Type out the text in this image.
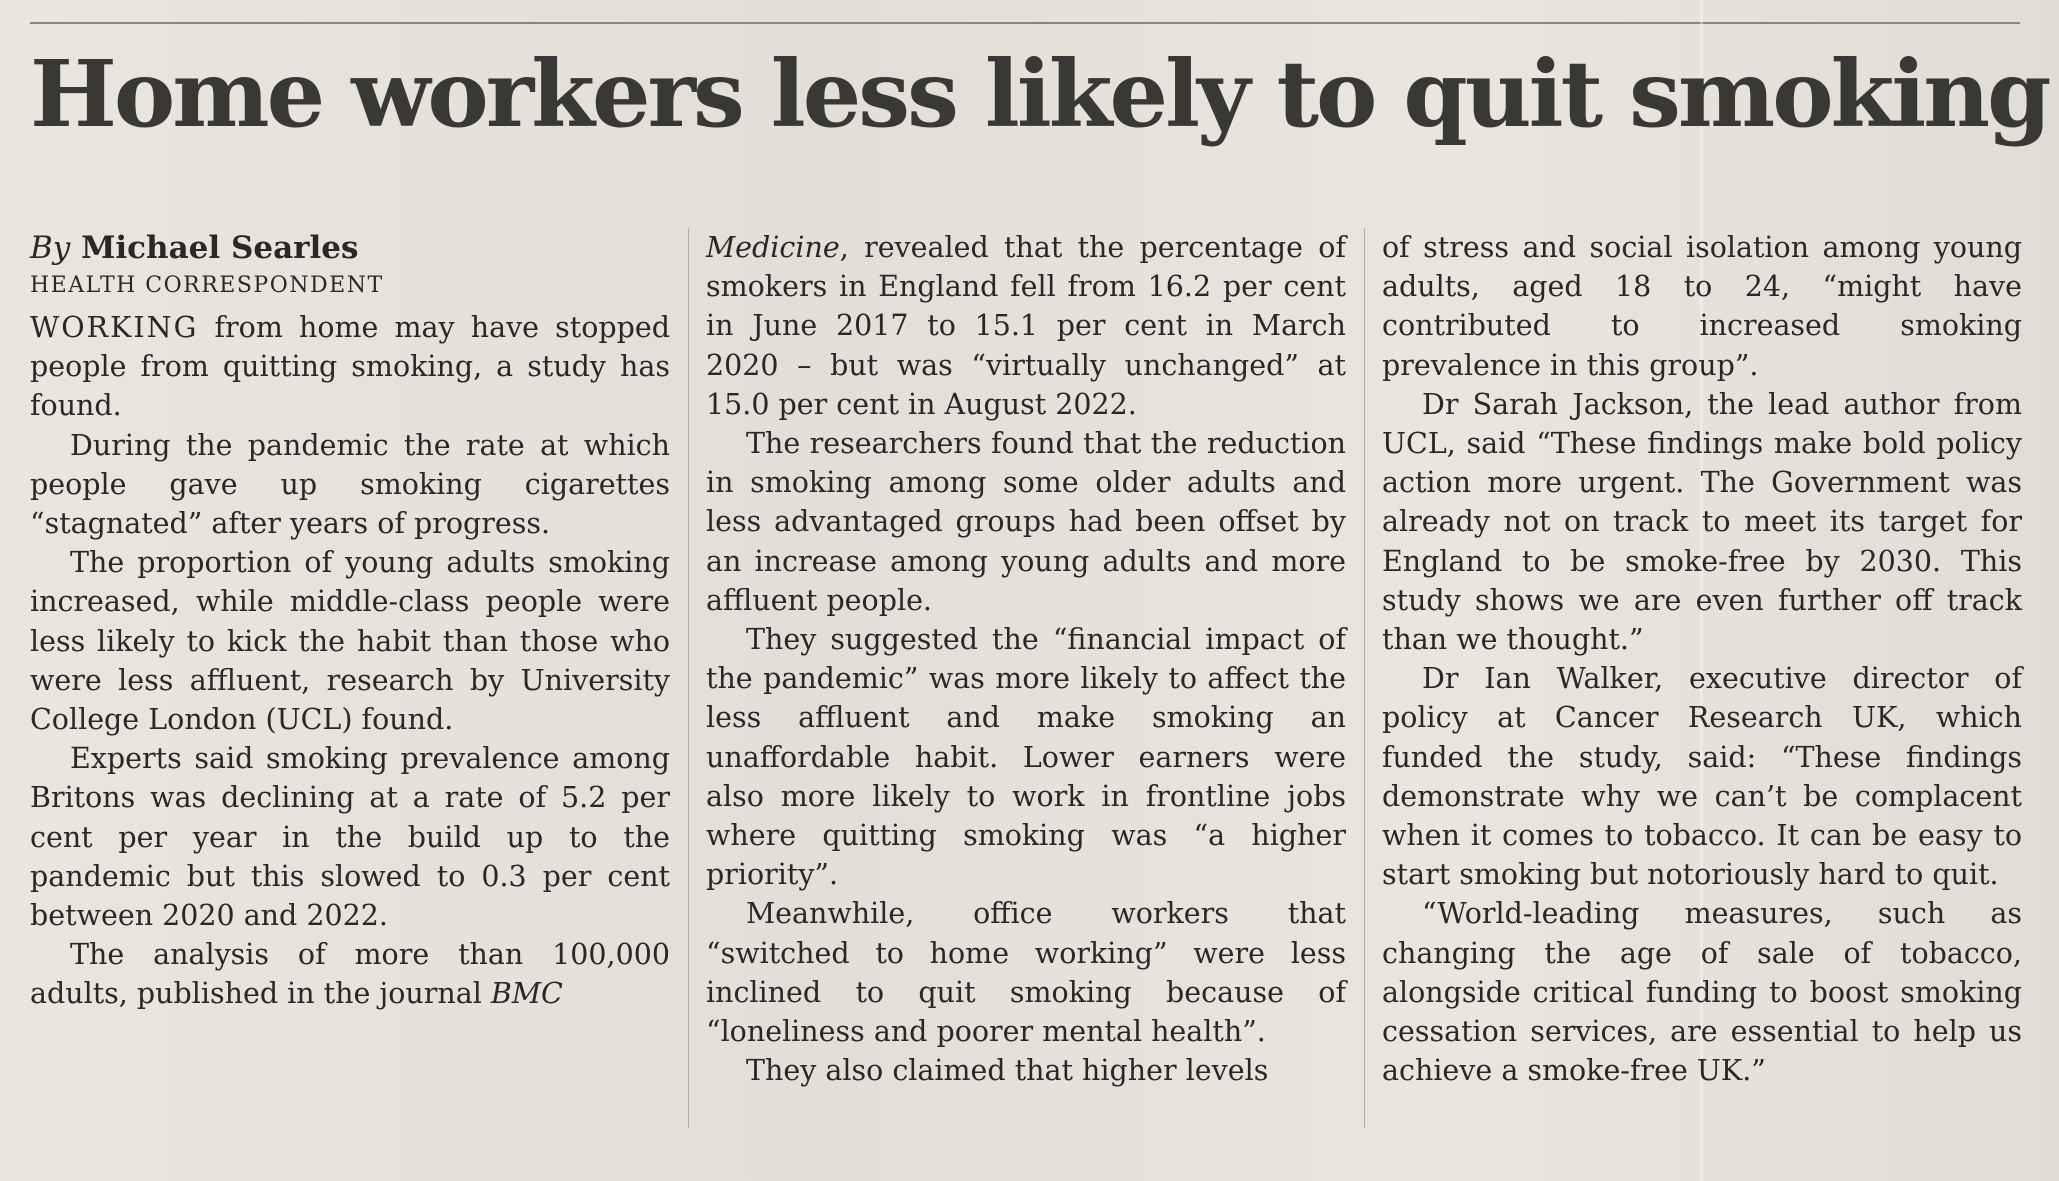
Home workers less likely to quit smoking

By Michael Searles

HEALTH CORRESPONDENT

WORKING from home may have stopped people from quitting smoking, a study has found.

During the pandemic the rate at which people gave up smoking cigarettes “stagnated” after years of progress.

The proportion of young adults smoking increased, while middle-class people were less likely to kick the habit than those who were less affluent, research by University College London (UCL) found.

Experts said smoking prevalence among Britons was declining at a rate of 5.2 per cent per year in the build up to the pandemic but this slowed to 0.3 per cent between 2020 and 2022.

The analysis of more than 100,000 adults, published in the journal BMC

Medicine, revealed that the percentage of smokers in England fell from 16.2 per cent in June 2017 to 15.1 per cent in March 2020 – but was “virtually unchanged” at 15.0 per cent in August 2022.

The researchers found that the reduction in smoking among some older adults and less advantaged groups had been offset by an increase among young adults and more affluent people.

They suggested the “financial impact of the pandemic” was more likely to affect the less affluent and make smoking an unaffordable habit. Lower earners were also more likely to work in frontline jobs where quitting smoking was “a higher priority”.

Meanwhile, office workers that “switched to home working” were less inclined to quit smoking because of “loneliness and poorer mental health”.

They also claimed that higher levels

of stress and social isolation among young adults, aged 18 to 24, “might have contributed to increased smoking prevalence in this group”.

Dr Sarah Jackson, the lead author from UCL, said “These findings make bold policy action more urgent. The Government was already not on track to meet its target for England to be smoke-free by 2030. This study shows we are even further off track than we thought.”

Dr Ian Walker, executive director of policy at Cancer Research UK, which funded the study, said: “These findings demonstrate why we can’t be complacent when it comes to tobacco. It can be easy to start smoking but notoriously hard to quit.

“World-leading measures, such as changing the age of sale of tobacco, alongside critical funding to boost smoking cessation services, are essential to help us achieve a smoke-free UK.”
